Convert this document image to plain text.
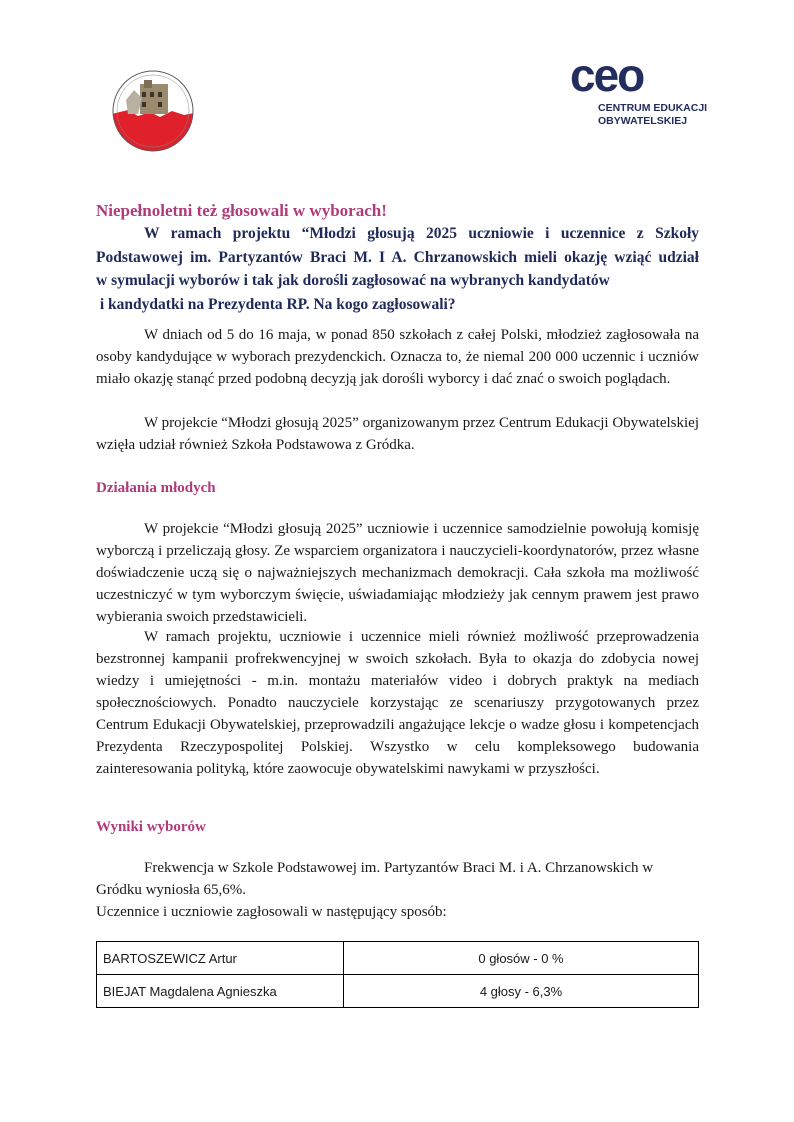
ceo
CENTRUM EDUKACJI
OBYWATELSKIEJ
Niepełnoletni też głosowali w wyborach!
W ramach projektu “Młodzi głosują 2025 uczniowie i uczennice z Szkoły
Podstawowej im. Partyzantów Braci M. I A. Chrzanowskich mieli okazję wziąć udział
w symulacji wyborów i tak jak dorośli zagłosować na wybranych kandydatów
i kandydatki na Prezydenta RP. Na kogo zagłosowali?

W dniach od 5 do 16 maja, w ponad 850 szkołach z całej Polski, młodzież zagłosowała na osoby kandydujące w wyborach prezydenckich. Oznacza to, że niemal 200 000 uczennic i uczniów miało okazję stanąć przed podobną decyzją jak dorośli wyborcy i dać znać o swoich poglądach.

W projekcie “Młodzi głosują 2025” organizowanym przez Centrum Edukacji Obywatelskiej wzięła udział również Szkoła Podstawowa z Gródka.

Działania młodych

W projekcie “Młodzi głosują 2025” uczniowie i uczennice samodzielnie powołują komisję wyborczą i przeliczają głosy. Ze wsparciem organizatora i nauczycieli-koordynatorów, przez własne doświadczenie uczą się o najważniejszych mechanizmach demokracji. Cała szkoła ma możliwość uczestniczyć w tym wyborczym święcie, uświadamiając młodzieży jak cennym prawem jest prawo wybierania swoich przedstawicieli.

W ramach projektu, uczniowie i uczennice mieli również możliwość przeprowadzenia bezstronnej kampanii profrekwencyjnej w swoich szkołach. Była to okazja do zdobycia nowej wiedzy i umiejętności - m.in. montażu materiałów video i dobrych praktyk na mediach społecznościowych. Ponadto nauczyciele korzystając ze scenariuszy przygotowanych przez Centrum Edukacji Obywatelskiej, przeprowadzili angażujące lekcje o wadze głosu i kompetencjach Prezydenta Rzeczypospolitej Polskiej. Wszystko w celu kompleksowego budowania zainteresowania polityką, które zaowocuje obywatelskimi nawykami w przyszłości.

Wyniki wyborów

Frekwencja w Szkole Podstawowej im. Partyzantów Braci M. i A. Chrzanowskich w Gródku wyniosła 65,6%.

Uczennice i uczniowie zagłosowali w następujący sposób:

BARTOSZEWICZ Artur	0 głosów - 0 %
BIEJAT Magdalena Agnieszka	4 głosy - 6,3%
